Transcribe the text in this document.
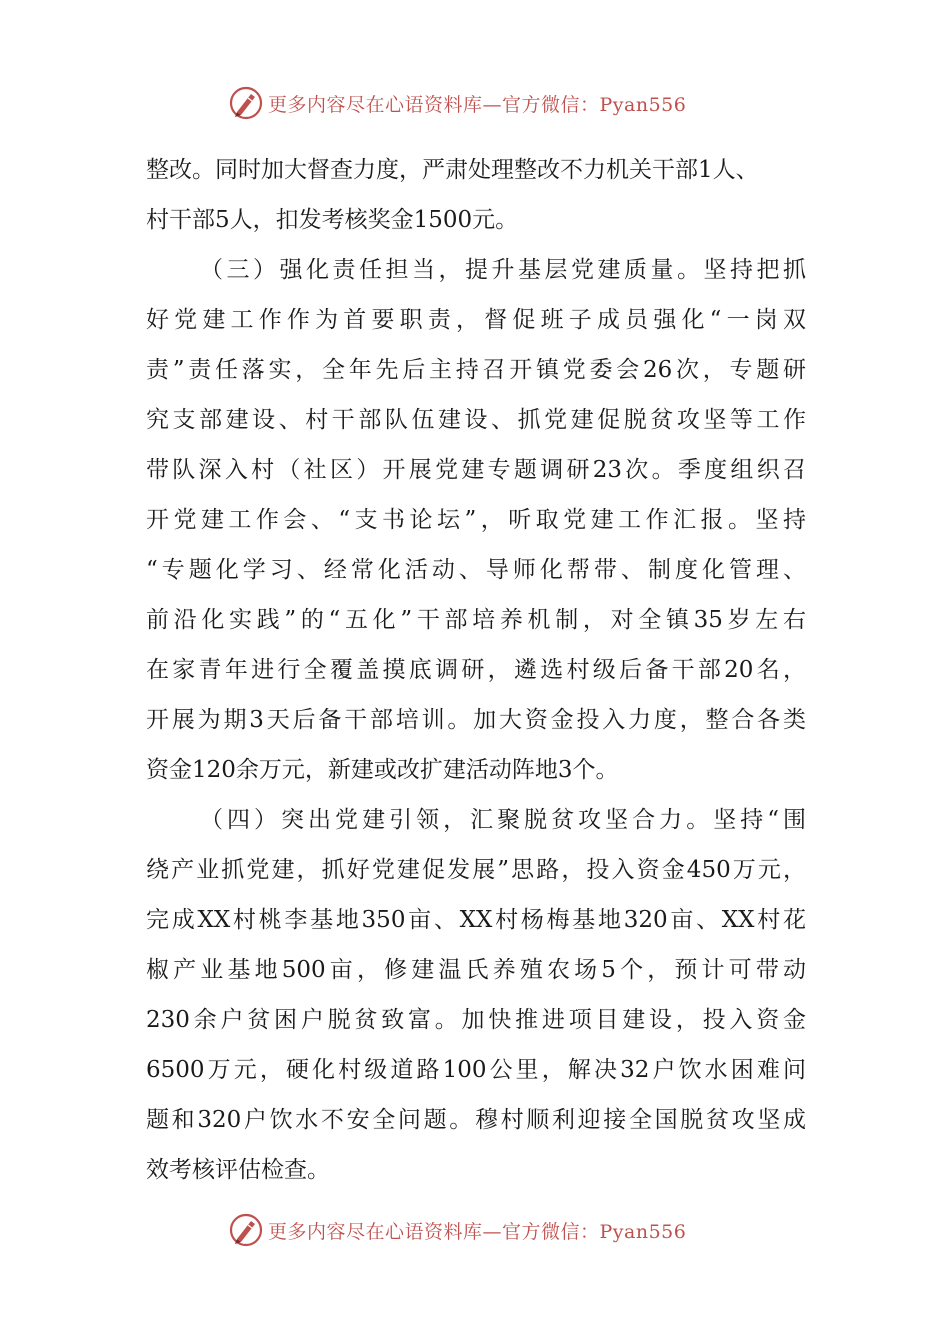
更多内容尽在心语资料库—官方微信：Pyan556
整改。同时加大督查力度，严肃处理整改不力机关干部1人、
村干部5人，扣发考核奖金1500元。
（三）强化责任担当，提升基层党建质量。坚持把抓
好党建工作作为首要职责，督促班子成员强化“一岗双
责”责任落实，全年先后主持召开镇党委会26次，专题研
究支部建设、村干部队伍建设、抓党建促脱贫攻坚等工作
带队深入村（社区）开展党建专题调研23次。季度组织召
开党建工作会、“支书论坛”，听取党建工作汇报。坚持
“专题化学习、经常化活动、导师化帮带、制度化管理、
前沿化实践”的“五化”干部培养机制，对全镇35岁左右
在家青年进行全覆盖摸底调研，遴选村级后备干部20名，
开展为期3天后备干部培训。加大资金投入力度，整合各类
资金120余万元，新建或改扩建活动阵地3个。
（四）突出党建引领，汇聚脱贫攻坚合力。坚持“围
绕产业抓党建，抓好党建促发展”思路，投入资金450万元，
完成XX村桃李基地350亩、XX村杨梅基地320亩、XX村花
椒产业基地500亩，修建温氏养殖农场5个，预计可带动
230余户贫困户脱贫致富。加快推进项目建设，投入资金
6500万元，硬化村级道路100公里，解决32户饮水困难问
题和320户饮水不安全问题。穆村顺利迎接全国脱贫攻坚成
效考核评估检查。
更多内容尽在心语资料库—官方微信：Pyan556
